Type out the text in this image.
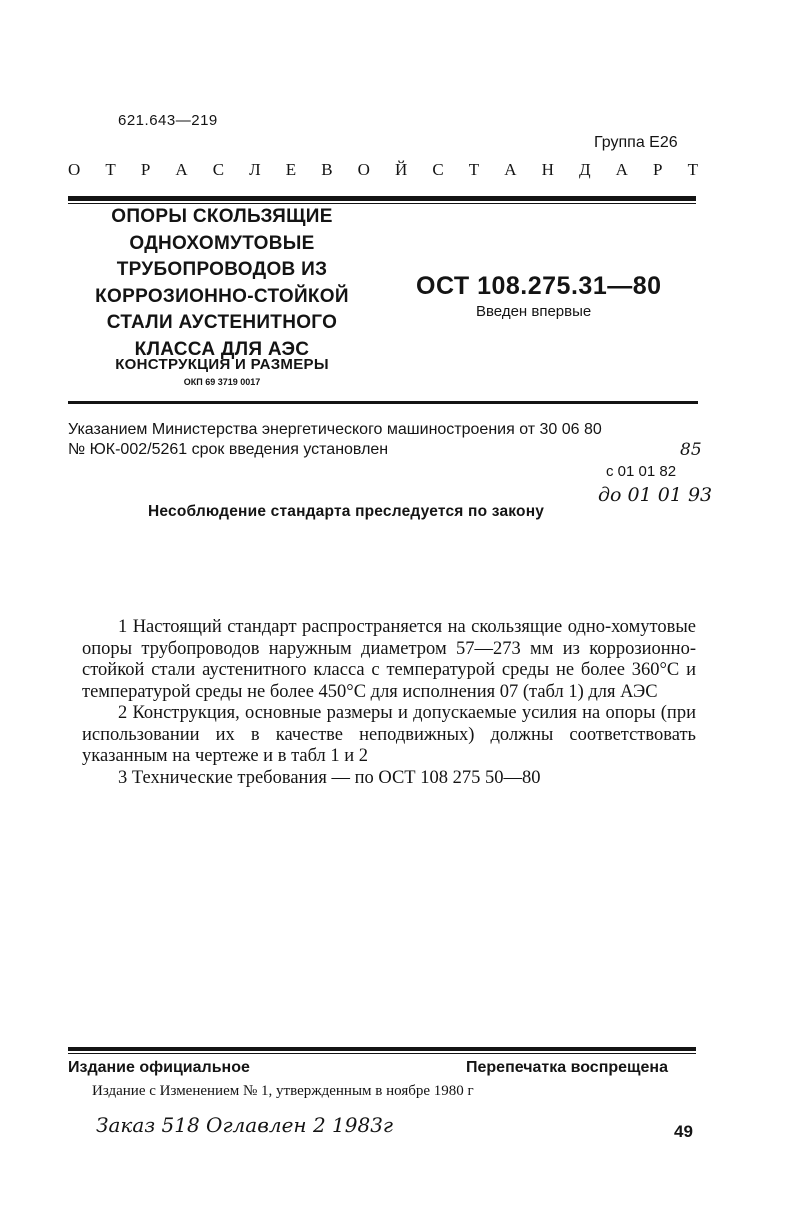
621.643—219
Группа Е26
О Т Р А С Л Е В О Й С Т А Н Д А Р Т
ОПОРЫ СКОЛЬЗЯЩИЕ
ОДНОХОМУТОВЫЕ
ТРУБОПРОВОДОВ ИЗ
КОРРОЗИОННО-СТОЙКОЙ
СТАЛИ АУСТЕНИТНОГО
КЛАССА ДЛЯ АЭС
КОНСТРУКЦИЯ И РАЗМЕРЫ
ОКП 69 3719 0017
ОСТ 108.275.31—80
Введен впервые
Указанием Министерства энергетического машиностроения от 30 06 80
№ ЮК-002/5261 срок введения установлен	85
с 01 01 82
до 01 01 93
Несоблюдение стандарта преследуется по закону
1 Настоящий стандарт распространяется на скользящие одно-хомутовые опоры трубопроводов наружным диаметром 57—273 мм из коррозионно-стойкой стали аустенитного класса с температурой среды не более 360°C и температурой среды не более 450°C для исполнения 07 (табл 1) для АЭС
2 Конструкция, основные размеры и допускаемые усилия на опоры (при использовании их в качестве неподвижных) должны соответствовать указанным на чертеже и в табл 1 и 2
3 Технические требования — по ОСТ 108 275 50—80
Издание официальное	Перепечатка воспрещена
Издание с Изменением № 1, утвержденным в ноябре 1980 г
Заказ 518 Оглавлен 2 1983г	49
